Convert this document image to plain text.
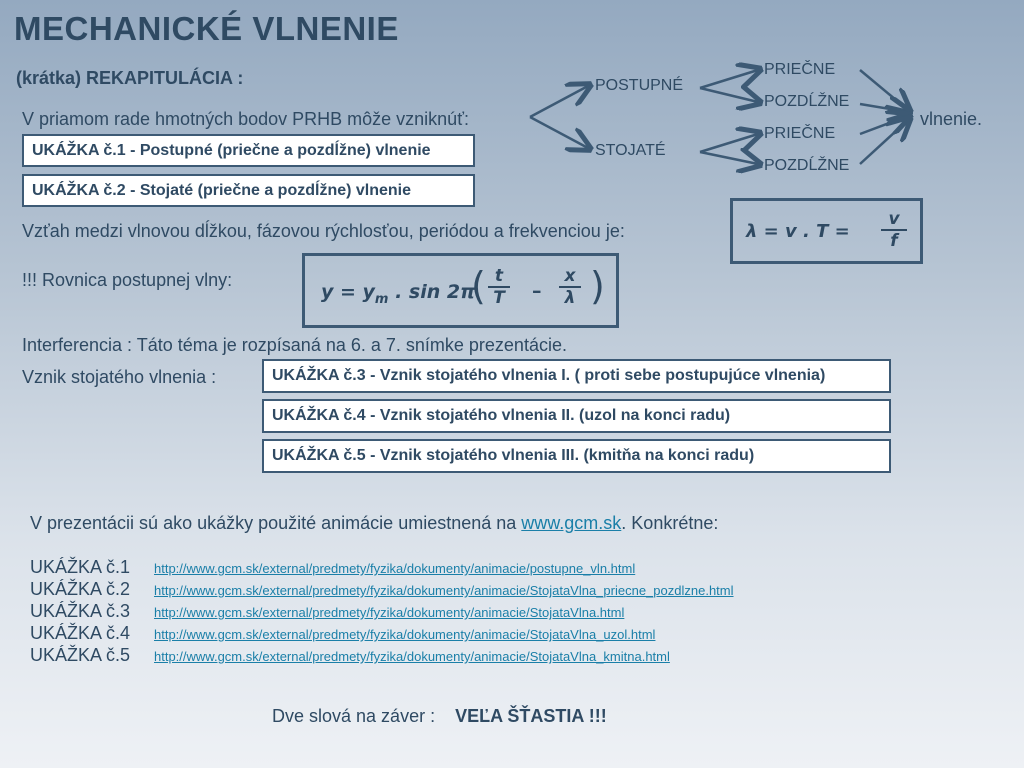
MECHANICKÉ VLNENIE
(krátka) REKAPITULÁCIA :
V priamom rade hmotných bodov PRHB môže vzniknúť:
POSTUPNÉ
STOJATÉ
PRIEČNE
POZDĹŽNE
PRIEČNE
POZDĹŽNE
vlnenie.
UKÁŽKA č.1 - Postupné (priečne a pozdĺžne) vlnenie
UKÁŽKA č.2 - Stojaté (priečne a pozdĺžne) vlnenie
Vzťah medzi vlnovou dĺžkou, fázovou rýchlosťou, periódou a frekvenciou je:	λ = v . $T = \frac{v}{f}$
!!! Rovnica postupnej vlny:
$y = y_m$ . sin 2π
( $\frac{t}{T} - \frac{x}{\lambda}$ )
Interferencia : Táto téma je rozpísaná na 6. a 7. snímke prezentácie.
Vznik stojatého vlnenia :	UKÁŽKA č.3 - Vznik stojatého vlnenia I. ( proti sebe postupujúce vlnenia)
UKÁŽKA č.4 - Vznik stojatého vlnenia II. (uzol na konci radu)
UKÁŽKA č.5 - Vznik stojatého vlnenia III. (kmitňa na konci radu)
V prezentácii sú ako ukážky použité animácie umiestnená na www.gcm.sk. Konkrétne:
UKÁŽKA č.1 http://www.gcm.sk/external/predmety/fyzika/dokumenty/animacie/postupne_vln.html
UKÁŽKA č.2 http://www.gcm.sk/external/predmety/fyzika/dokumenty/animacie/StojataVlna_priecne_pozdlzne.html
UKÁŽKA č.3 http://www.gcm.sk/external/predmety/fyzika/dokumenty/animacie/StojataVlna.html
UKÁŽKA č.4 http://www.gcm.sk/external/predmety/fyzika/dokumenty/animacie/StojataVlna_uzol.html
UKÁŽKA č.5 http://www.gcm.sk/external/predmety/fyzika/dokumenty/animacie/StojataVlna_kmitna.html
Dve slová na záver : VEĽA ŠŤASTIA !!!
